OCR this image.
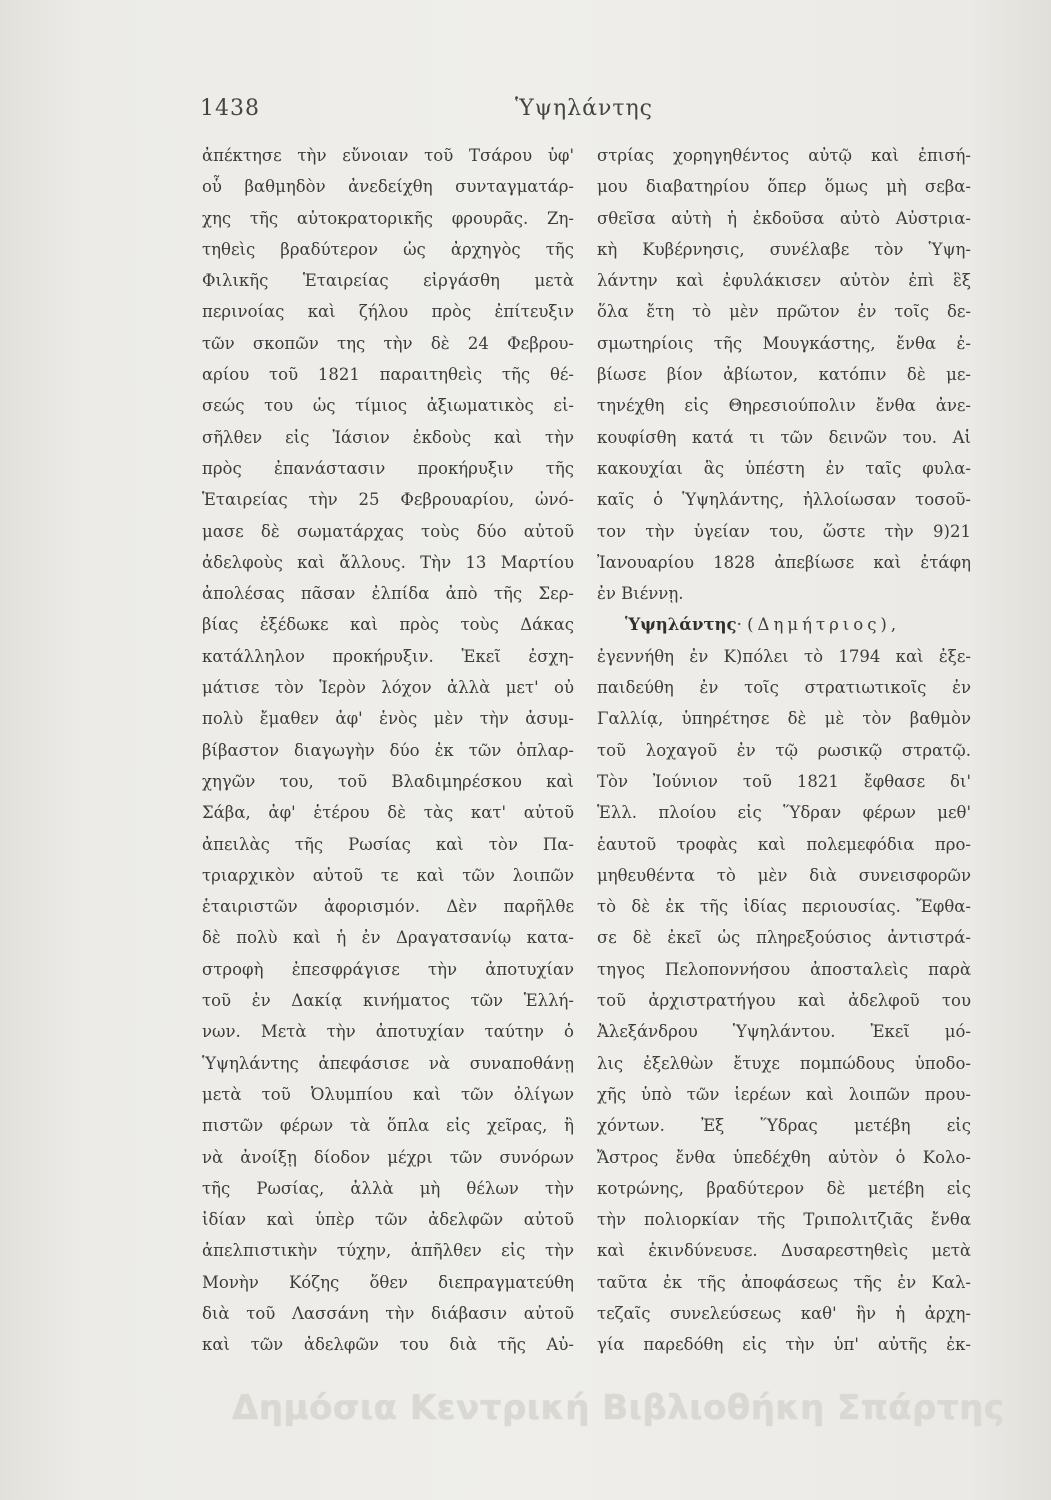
1438	Ὑψηλάντης
ἀπέκτησε τὴν εὔνοιαν τοῦ Τσάρου ὑφ'
οὗ βαθμηδὸν ἀνεδείχθη συνταγματάρ-
χης τῆς αὐτοκρατορικῆς φρουρᾶς. Ζη-
τηθεὶς βραδύτερον ὡς ἀρχηγὸς τῆς
Φιλικῆς Ἑταιρείας εἰργάσθη μετὰ
περινοίας καὶ ζήλου πρὸς ἐπίτευξιν
τῶν σκοπῶν της τὴν δὲ 24 Φεβρου-
αρίου τοῦ 1821 παραιτηθεὶς τῆς θέ-
σεώς του ὡς τίμιος ἀξιωματικὸς εἰ-
σῆλθεν εἰς Ἰάσιον ἐκδοὺς καὶ τὴν
πρὸς ἐπανάστασιν προκήρυξιν τῆς
Ἑταιρείας τὴν 25 Φεβρουαρίου, ὠνό-
μασε δὲ σωματάρχας τοὺς δύο αὐτοῦ
ἀδελφοὺς καὶ ἄλλους. Τὴν 13 Μαρτίου
ἀπολέσας πᾶσαν ἐλπίδα ἀπὸ τῆς Σερ-
βίας ἐξέδωκε καὶ πρὸς τοὺς Δάκας
κατάλληλον προκήρυξιν. Ἐκεῖ ἐσχη-
μάτισε τὸν Ἱερὸν λόχον ἀλλὰ μετ' οὐ
πολὺ ἔμαθεν ἀφ' ἑνὸς μὲν τὴν ἀσυμ-
βίβαστον διαγωγὴν δύο ἐκ τῶν ὁπλαρ-
χηγῶν του, τοῦ Βλαδιμηρέσκου καὶ
Σάβα, ἀφ' ἑτέρου δὲ τὰς κατ' αὐτοῦ
ἀπειλὰς τῆς Ρωσίας καὶ τὸν Πα-
τριαρχικὸν αὐτοῦ τε καὶ τῶν λοιπῶν
ἑταιριστῶν ἀφορισμόν. Δὲν παρῆλθε
δὲ πολὺ καὶ ἡ ἐν Δραγατσανίῳ κατα-
στροφὴ ἐπεσφράγισε τὴν ἀποτυχίαν
τοῦ ἐν Δακίᾳ κινήματος τῶν Ἑλλή-
νων. Μετὰ τὴν ἀποτυχίαν ταύτην ὁ
Ὑψηλάντης ἀπεφάσισε νὰ συναποθάνῃ
μετὰ τοῦ Ὀλυμπίου καὶ τῶν ὀλίγων
πιστῶν φέρων τὰ ὅπλα εἰς χεῖρας, ἢ
νὰ ἀνοίξῃ δίοδον μέχρι τῶν συνόρων
τῆς Ρωσίας, ἀλλὰ μὴ θέλων τὴν
ἰδίαν καὶ ὑπὲρ τῶν ἀδελφῶν αὐτοῦ
ἀπελπιστικὴν τύχην, ἀπῆλθεν εἰς τὴν
Μονὴν Κόζης ὅθεν διεπραγματεύθη
διὰ τοῦ Λασσάνη τὴν διάβασιν αὐτοῦ
καὶ τῶν ἀδελφῶν του διὰ τῆς Αὐ-
στρίας χορηγηθέντος αὐτῷ καὶ ἐπισή-
μου διαβατηρίου ὅπερ ὅμως μὴ σεβα-
σθεῖσα αὐτὴ ἡ ἐκδοῦσα αὐτὸ Αὐστρια-
κὴ Κυβέρνησις, συνέλαβε τὸν Ὑψη-
λάντην καὶ ἐφυλάκισεν αὐτὸν ἐπὶ ἓξ
ὅλα ἔτη τὸ μὲν πρῶτον ἐν τοῖς δε-
σμωτηρίοις τῆς Μουγκάστης, ἔνθα ἐ-
βίωσε βίον ἀβίωτον, κατόπιν δὲ με-
τηνέχθη εἰς Θηρεσιούπολιν ἔνθα ἀνε-
κουφίσθη κατά τι τῶν δεινῶν του. Αἱ
κακουχίαι ἃς ὑπέστη ἐν ταῖς φυλα-
καῖς ὁ Ὑψηλάντης, ἠλλοίωσαν τοσοῦ-
τον τὴν ὑγείαν του, ὥστε τὴν 9)21
Ἰανουαρίου 1828 ἀπεβίωσε καὶ ἐτάφη
ἐν Βιέννῃ.
Ὑψηλάντης· (Δημήτριος),
ἐγεννήθη ἐν Κ)πόλει τὸ 1794 καὶ ἐξε-
παιδεύθη ἐν τοῖς στρατιωτικοῖς ἐν
Γαλλίᾳ, ὑπηρέτησε δὲ μὲ τὸν βαθμὸν
τοῦ λοχαγοῦ ἐν τῷ ρωσικῷ στρατῷ.
Τὸν Ἰούνιον τοῦ 1821 ἔφθασε δι'
Ἑλλ. πλοίου εἰς Ὕδραν φέρων μεθ'
ἑαυτοῦ τροφὰς καὶ πολεμεφόδια προ-
μηθευθέντα τὸ μὲν διὰ συνεισφορῶν
τὸ δὲ ἐκ τῆς ἰδίας περιουσίας. Ἔφθα-
σε δὲ ἐκεῖ ὡς πληρεξούσιος ἀντιστρά-
τηγος Πελοποννήσου ἀποσταλεὶς παρὰ
τοῦ ἀρχιστρατήγου καὶ ἀδελφοῦ του
Ἀλεξάνδρου Ὑψηλάντου. Ἐκεῖ μό-
λις ἐξελθὼν ἔτυχε πομπώδους ὑποδο-
χῆς ὑπὸ τῶν ἱερέων καὶ λοιπῶν πρου-
χόντων. Ἐξ Ὕδρας μετέβη εἰς
Ἄστρος ἔνθα ὑπεδέχθη αὐτὸν ὁ Κολο-
κοτρώνης, βραδύτερον δὲ μετέβη εἰς
τὴν πολιορκίαν τῆς Τριπολιτζιᾶς ἔνθα
καὶ ἐκινδύνευσε. Δυσαρεστηθεὶς μετὰ
ταῦτα ἐκ τῆς ἀποφάσεως τῆς ἐν Καλ-
τεζαῖς συνελεύσεως καθ' ἣν ἡ ἀρχη-
γία παρεδόθη εἰς τὴν ὑπ' αὐτῆς ἐκ-
Δημόσια Κεντρική Βιβλιοθήκη Σπάρτης
